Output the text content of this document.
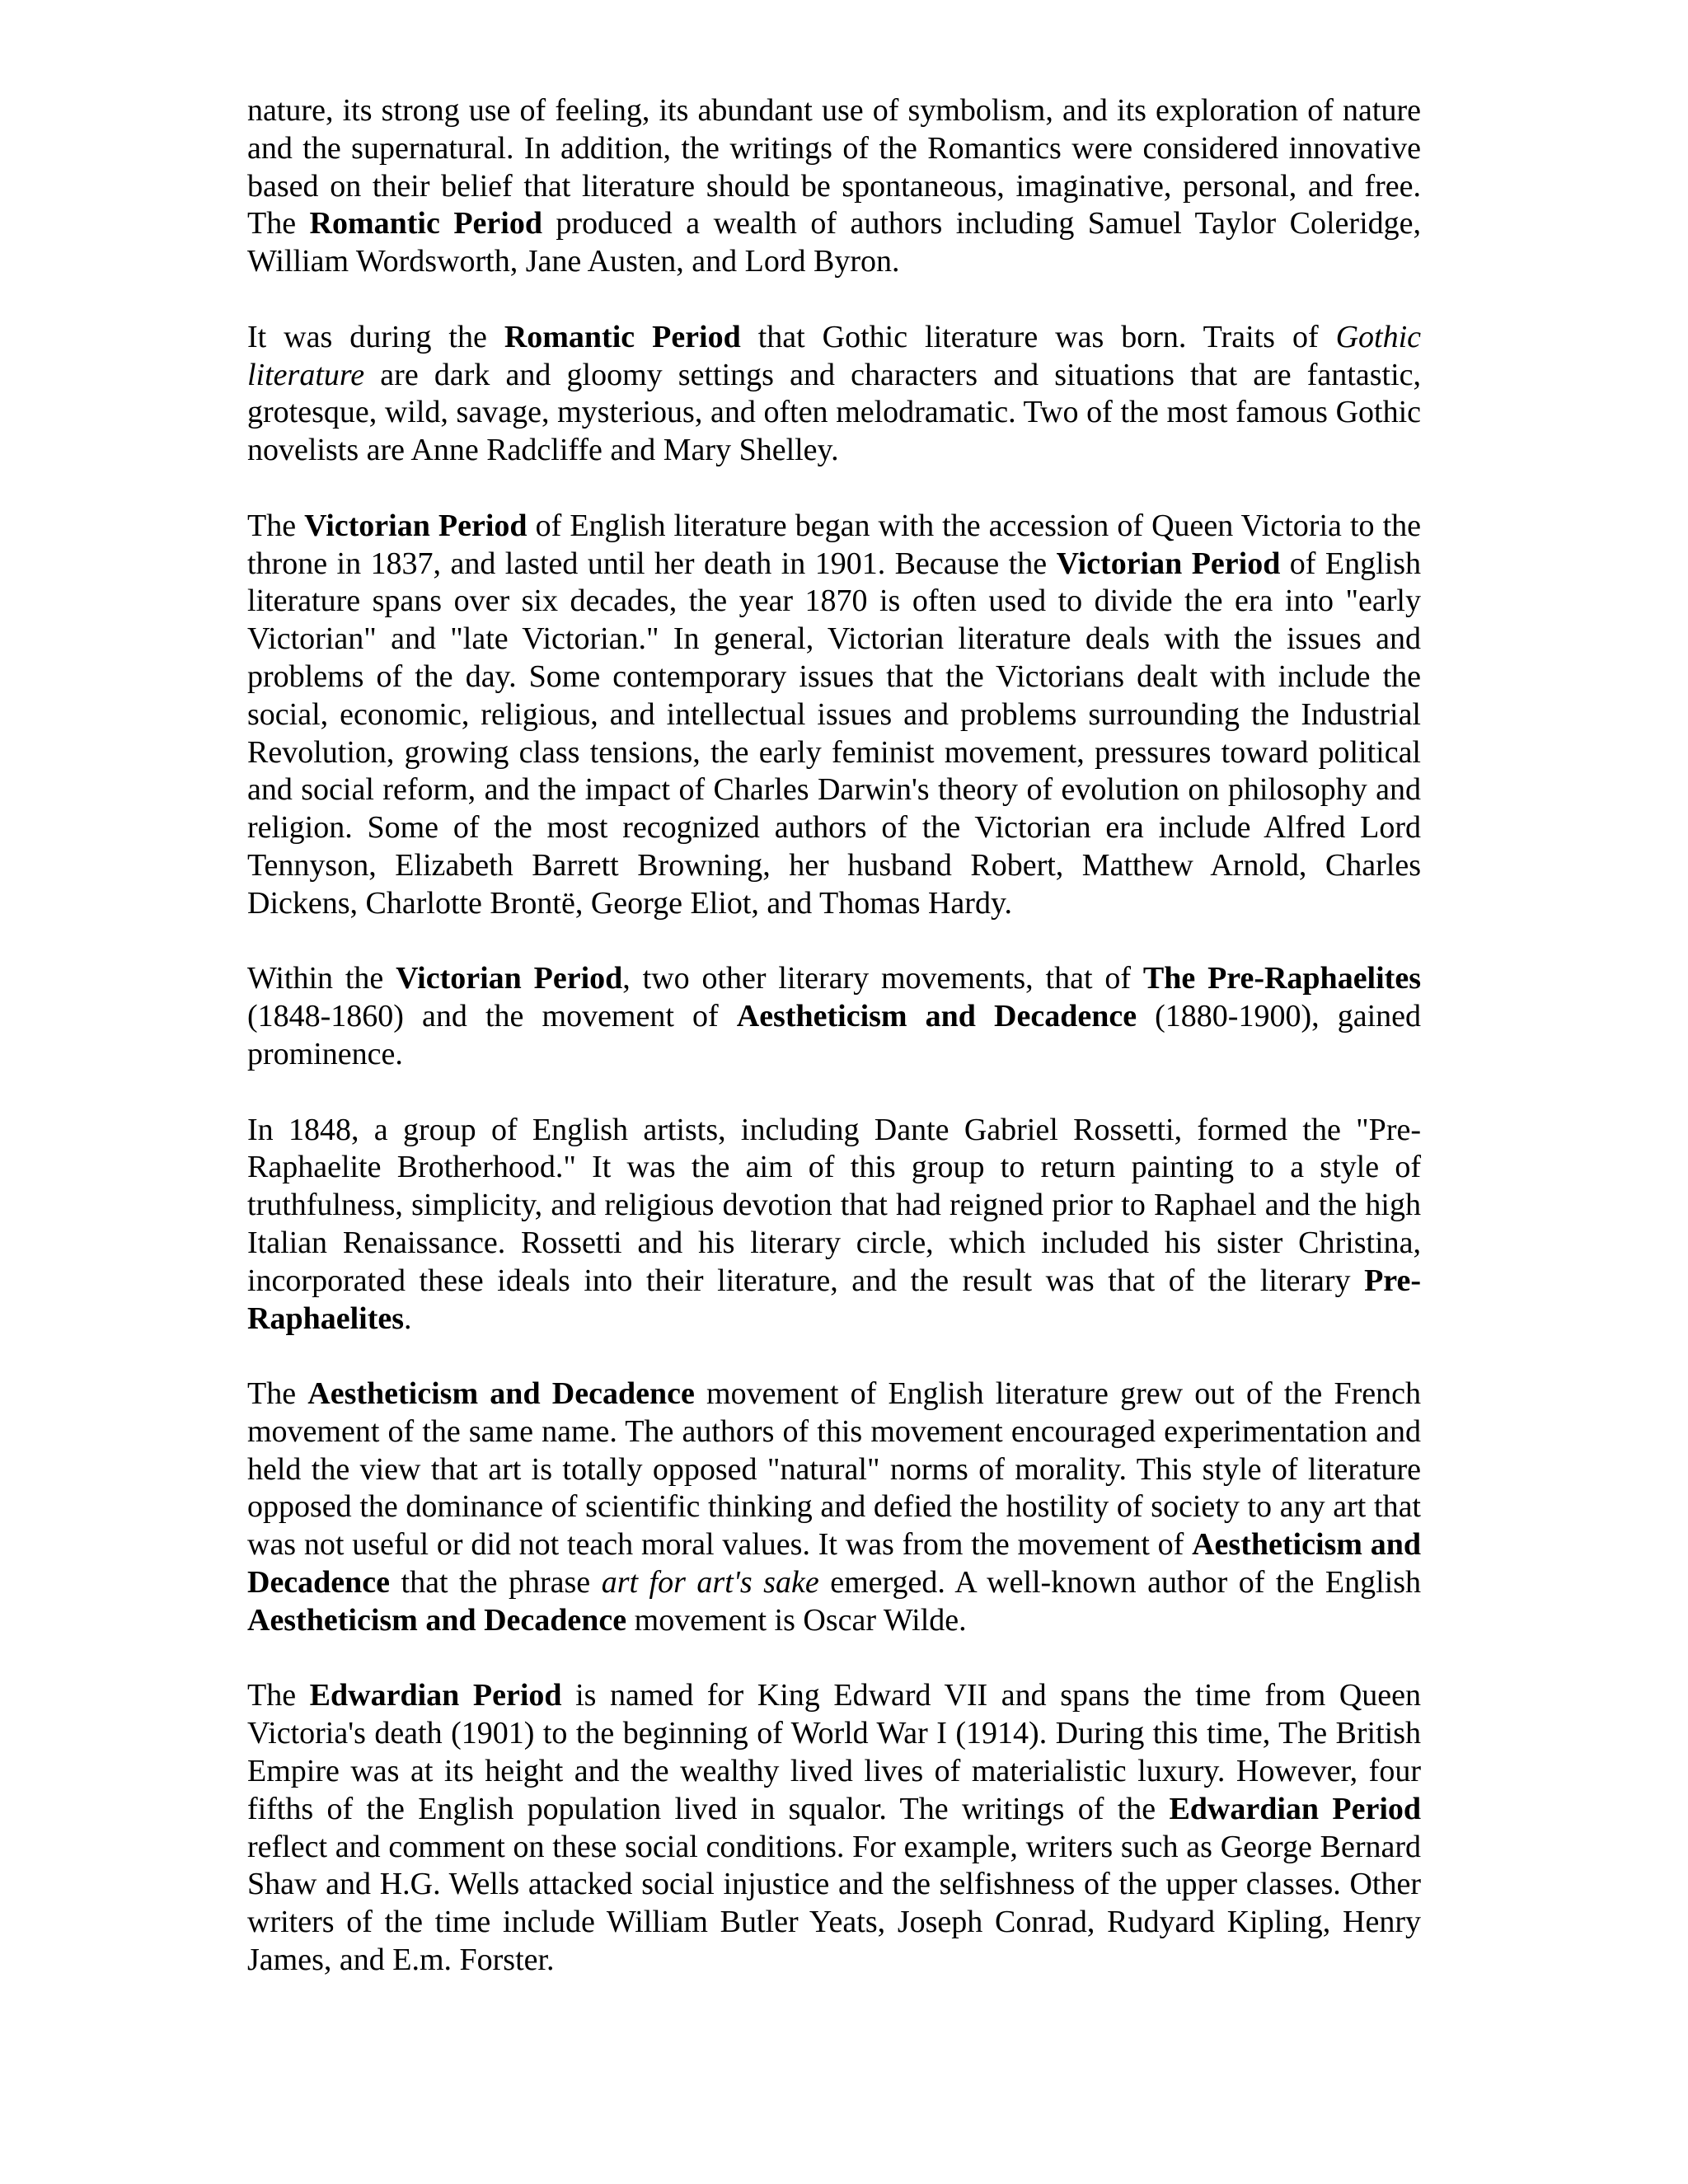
nature, its strong use of feeling, its abundant use of symbolism, and its exploration of nature and the supernatural. In addition, the writings of the Romantics were considered innovative based on their belief that literature should be spontaneous, imaginative, personal, and free. The Romantic Period produced a wealth of authors including Samuel Taylor Coleridge, William Wordsworth, Jane Austen, and Lord Byron.

It was during the Romantic Period that Gothic literature was born. Traits of Gothic literature are dark and gloomy settings and characters and situations that are fantastic, grotesque, wild, savage, mysterious, and often melodramatic. Two of the most famous Gothic novelists are Anne Radcliffe and Mary Shelley.

The Victorian Period of English literature began with the accession of Queen Victoria to the throne in 1837, and lasted until her death in 1901. Because the Victorian Period of English literature spans over six decades, the year 1870 is often used to divide the era into "early Victorian" and "late Victorian." In general, Victorian literature deals with the issues and problems of the day. Some contemporary issues that the Victorians dealt with include the social, economic, religious, and intellectual issues and problems surrounding the Industrial Revolution, growing class tensions, the early feminist movement, pressures toward political and social reform, and the impact of Charles Darwin's theory of evolution on philosophy and religion. Some of the most recognized authors of the Victorian era include Alfred Lord Tennyson, Elizabeth Barrett Browning, her husband Robert, Matthew Arnold, Charles Dickens, Charlotte Brontë, George Eliot, and Thomas Hardy.

Within the Victorian Period, two other literary movements, that of The Pre-Raphaelites (1848-1860) and the movement of Aestheticism and Decadence (1880-1900), gained prominence.

In 1848, a group of English artists, including Dante Gabriel Rossetti, formed the "Pre-Raphaelite Brotherhood." It was the aim of this group to return painting to a style of truthfulness, simplicity, and religious devotion that had reigned prior to Raphael and the high Italian Renaissance. Rossetti and his literary circle, which included his sister Christina, incorporated these ideals into their literature, and the result was that of the literary Pre-Raphaelites.

The Aestheticism and Decadence movement of English literature grew out of the French movement of the same name. The authors of this movement encouraged experimentation and held the view that art is totally opposed "natural" norms of morality. This style of literature opposed the dominance of scientific thinking and defied the hostility of society to any art that was not useful or did not teach moral values. It was from the movement of Aestheticism and Decadence that the phrase art for art's sake emerged. A well-known author of the English Aestheticism and Decadence movement is Oscar Wilde.

The Edwardian Period is named for King Edward VII and spans the time from Queen Victoria's death (1901) to the beginning of World War I (1914). During this time, The British Empire was at its height and the wealthy lived lives of materialistic luxury. However, four fifths of the English population lived in squalor. The writings of the Edwardian Period reflect and comment on these social conditions. For example, writers such as George Bernard Shaw and H.G. Wells attacked social injustice and the selfishness of the upper classes. Other writers of the time include William Butler Yeats, Joseph Conrad, Rudyard Kipling, Henry James, and E.m. Forster.
